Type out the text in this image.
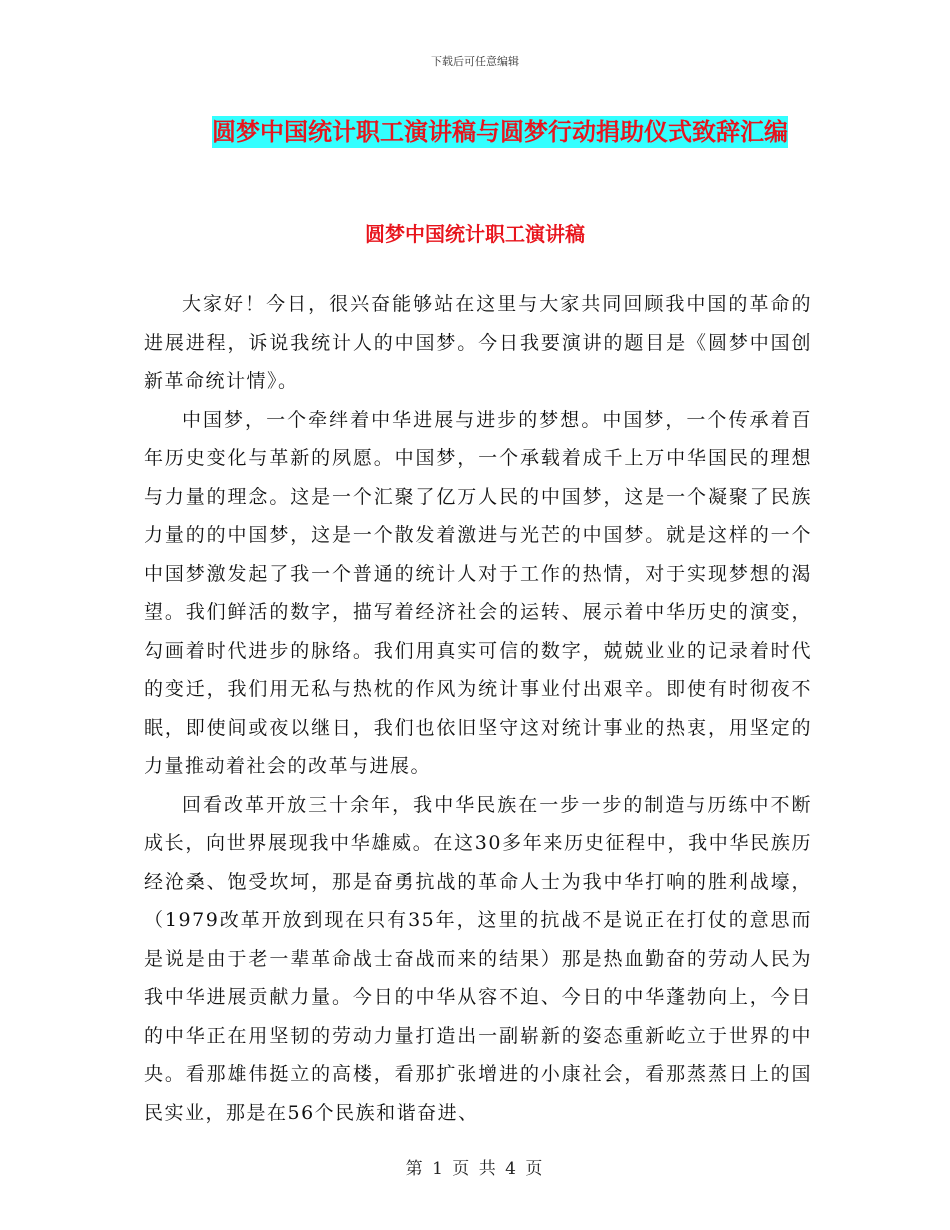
下载后可任意编辑
圆梦中国统计职工演讲稿与圆梦行动捐助仪式致辞汇编
圆梦中国统计职工演讲稿

大家好！今日，很兴奋能够站在这里与大家共同回顾我中国的革命的进展进程，诉说我统计人的中国梦。今日我要演讲的题目是《圆梦中国创新革命统计情》。

中国梦，一个牵绊着中华进展与进步的梦想。中国梦，一个传承着百年历史变化与革新的夙愿。中国梦，一个承载着成千上万中华国民的理想与力量的理念。这是一个汇聚了亿万人民的中国梦，这是一个凝聚了民族力量的的中国梦，这是一个散发着激进与光芒的中国梦。就是这样的一个中国梦激发起了我一个普通的统计人对于工作的热情，对于实现梦想的渴望。我们鲜活的数字，描写着经济社会的运转、展示着中华历史的演变，勾画着时代进步的脉络。我们用真实可信的数字，兢兢业业的记录着时代的变迁，我们用无私与热枕的作风为统计事业付出艰辛。即使有时彻夜不眠，即使间或夜以继日，我们也依旧坚守这对统计事业的热衷，用坚定的力量推动着社会的改革与进展。

回看改革开放三十余年，我中华民族在一步一步的制造与历练中不断成长，向世界展现我中华雄威。在这30多年来历史征程中，我中华民族历经沧桑、饱受坎坷，那是奋勇抗战的革命人士为我中华打响的胜利战壕，（1979改革开放到现在只有35年，这里的抗战不是说正在打仗的意思而是说是由于老一辈革命战士奋战而来的结果）那是热血勤奋的劳动人民为我中华进展贡献力量。今日的中华从容不迫、今日的中华蓬勃向上，今日的中华正在用坚韧的劳动力量打造出一副崭新的姿态重新屹立于世界的中央。看那雄伟挺立的高楼，看那扩张增进的小康社会，看那蒸蒸日上的国民实业，那是在56个民族和谐奋进、

第 1 页 共 4 页
